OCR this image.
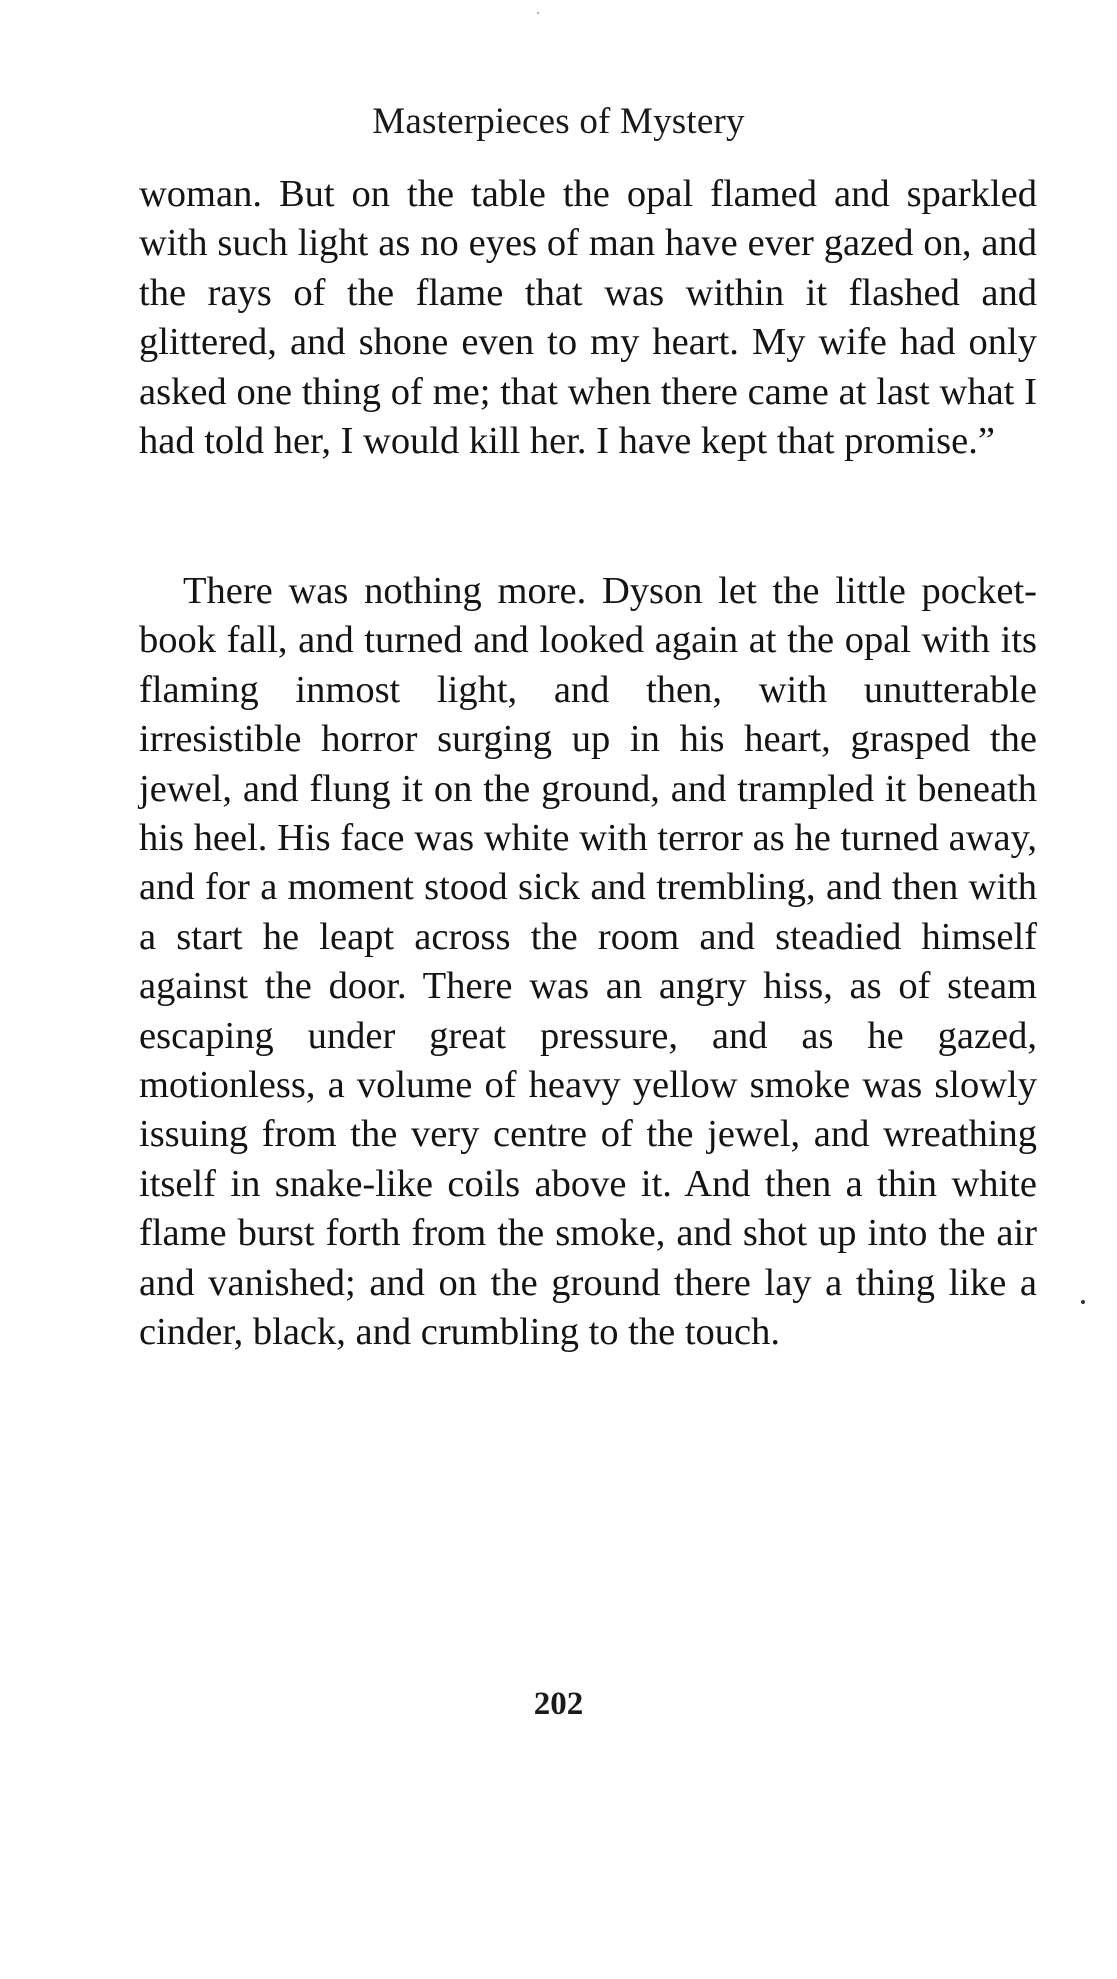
Masterpieces of Mystery

woman. But on the table the opal flamed and sparkled with such light as no eyes of man have ever gazed on, and the rays of the flame that was within it flashed and glittered, and shone even to my heart. My wife had only asked one thing of me; that when there came at last what I had told her, I would kill her. I have kept that promise.”

There was nothing more. Dyson let the little pocket-book fall, and turned and looked again at the opal with its flaming inmost light, and then, with unutterable irresistible horror surging up in his heart, grasped the jewel, and flung it on the ground, and trampled it beneath his heel. His face was white with terror as he turned away, and for a moment stood sick and trembling, and then with a start he leapt across the room and steadied himself against the door. There was an angry hiss, as of steam escaping under great pressure, and as he gazed, motionless, a volume of heavy yellow smoke was slowly issuing from the very centre of the jewel, and wreathing itself in snake-like coils above it. And then a thin white flame burst forth from the smoke, and shot up into the air and vanished; and on the ground there lay a thing like a cinder, black, and crumbling to the touch.

202
